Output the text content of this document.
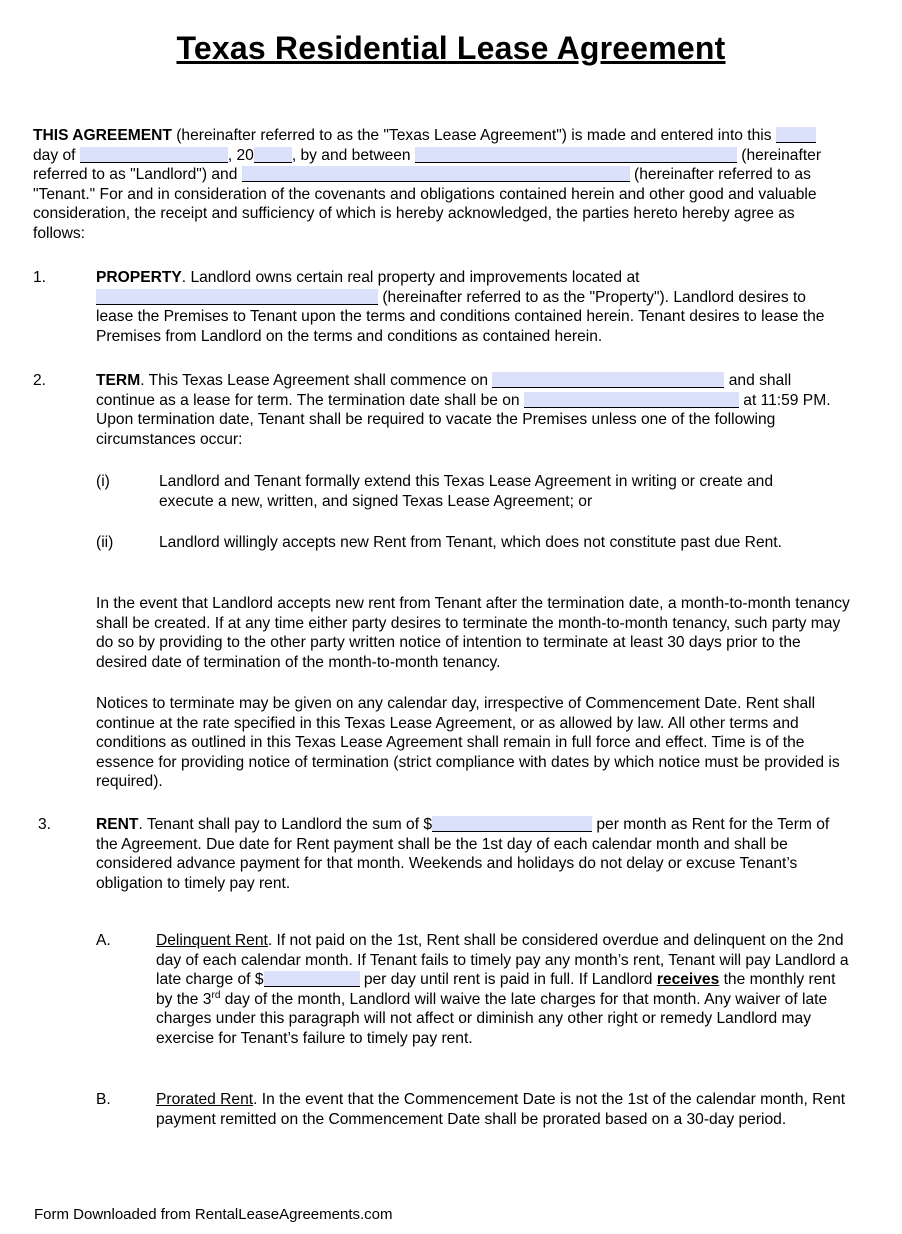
Texas Residential Lease Agreement

THIS AGREEMENT (hereinafter referred to as the "Texas Lease Agreement") is made and entered into this  day of	, 20 , by and between	(hereinafter referred to as "Landlord") and	(hereinafter referred to as "Tenant." For and in consideration of the covenants and obligations contained herein and other good and valuable consideration, the receipt and sufficiency of which is hereby acknowledged, the parties hereto hereby agree as follows:

1.	PROPERTY. Landlord owns certain real property and improvements located at  (hereinafter referred to as the "Property"). Landlord desires to lease the Premises to Tenant upon the terms and conditions contained herein. Tenant desires to lease the Premises from Landlord on the terms and conditions as contained herein.

2.	TERM. This Texas Lease Agreement shall commence on	and shall continue as a lease for term. The termination date shall be on	at 11:59 PM. Upon termination date, Tenant shall be required to vacate the Premises unless one of the following circumstances occur:

(i)	Landlord and Tenant formally extend this Texas Lease Agreement in writing or create and execute a new, written, and signed Texas Lease Agreement; or

(ii)	Landlord willingly accepts new Rent from Tenant, which does not constitute past due Rent.

In the event that Landlord accepts new rent from Tenant after the termination date, a month-to-month tenancy shall be created. If at any time either party desires to terminate the month-to-month tenancy, such party may do so by providing to the other party written notice of intention to terminate at least 30 days prior to the desired date of termination of the month-to-month tenancy.

Notices to terminate may be given on any calendar day, irrespective of Commencement Date. Rent shall continue at the rate specified in this Texas Lease Agreement, or as allowed by law. All other terms and conditions as outlined in this Texas Lease Agreement shall remain in full force and effect. Time is of the essence for providing notice of termination (strict compliance with dates by which notice must be provided is required).

3.	RENT. Tenant shall pay to Landlord the sum of $	per month as Rent for the Term of the Agreement. Due date for Rent payment shall be the 1st day of each calendar month and shall be considered advance payment for that month. Weekends and holidays do not delay or excuse Tenant’s obligation to timely pay rent.

A.	Delinquent Rent. If not paid on the 1st, Rent shall be considered overdue and delinquent on the 2nd day of each calendar month. If Tenant fails to timely pay any month’s rent, Tenant will pay Landlord a late charge of $	per day until rent is paid in full. If Landlord receives the monthly rent by the 3rd day of the month, Landlord will waive the late charges for that month. Any waiver of late charges under this paragraph will not affect or diminish any other right or remedy Landlord may exercise for Tenant’s failure to timely pay rent.

B.	Prorated Rent. In the event that the Commencement Date is not the 1st of the calendar month, Rent payment remitted on the Commencement Date shall be prorated based on a 30-day period.

Form Downloaded from RentalLeaseAgreements.com
